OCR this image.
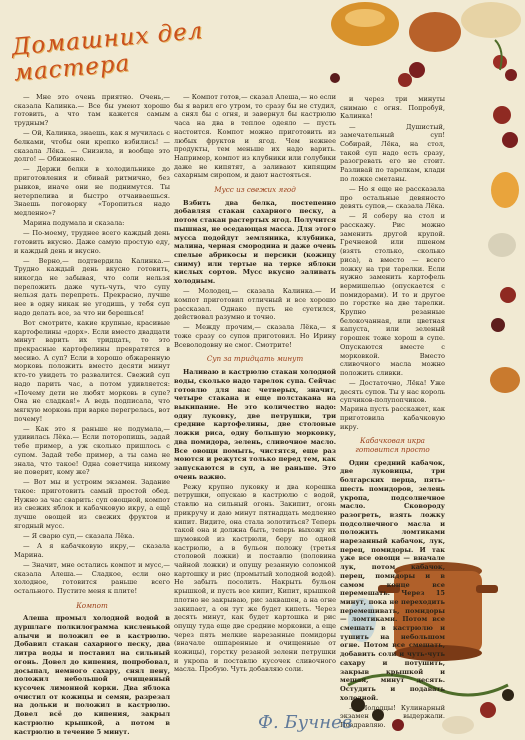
Домашних дел мастера

— Мне это очень приятно. Очень,— сказала Калинка.— Все бы умеют хорошо готовить, а что там кажется самым трудным?

— Ой, Калинка, знаешь, как я мучилась с белками, чтобы они крепко взбились! — сказала Лёка. — Снизила, и вообще это долго! — Обиженно.

— Держи белки в холодильнике до приготовления и сбивай ритмично, без рывков, иначе они не поднимутся. Ты нетерпелива и быстро отчаиваешься. Знаешь поговорку «Торопиться надо медленно»?

Марина подумала и сказала:

— По-моему, труднее всего каждый день готовить вкусно. Даже самую простую еду, и каждый день и вкусно.

— Верно,— подтвердила Калинка.— Трудно каждый день вкусно готовить, никогда не забывая, что соли нельзя переложить даже чуть-чуть, что супу нельзя дать перепреть. Прекрасно, лучше нее в одну никак не угодишь, у тебя суп надо делать все, за что ни берешься!

Вот смотрите, какие крупные, красивые картофелины «дорх». Если вместо двадцати минут варить их тридцать, то это прекрасные картофелины превратятся в месиво. А суп? Если в хорошо обжаренную морковь положить вместо десяти минут кто-то увидеть то развалится. Свежий суп надо парить час, а потом удивляется: «Почему дети не любят морковь в супе? Она не сладкая!» А ведь подписала, что мягкую морковь при варке перегрелась, вот почему!

— Как это я раньше не подумала,— удивилась Лёка.— Если поторопишь, задай тебе пример, а уж сколько пришлось с супом. Задай тебе пример, а ты сама не знала, что такое! Одна советчица никому не поверит, кому же?

— Вот мы и устроим экзамен. Задание такое: приготовить самый простой обед. Нужно за час сварить: суп овощной, компот из свежих яблок и кабачковую икру, а ещё лучше овощей из свежих фруктов и ягодный мусс.

— Я сварю суп,— сказала Лёка.

— А я кабачковую икру,— сказала Марина.

— Значит, мне остались компот и мусс,— сказала Алеша.— Сладкое, если оно холодное, готовится раньше всего остального. Пустите меня к плите!

Компот

Алеша промыл холодной водой в дуршлаге полкилограмма кисленькой алычи и положил ее в кастрюлю. Добавил стакан сахарного песку, два литра воды и поставил на сильный огонь. Довел до кипения, попробовал, досыпал, немного сахару, снял пену, положил небольшой очищенный кусочек лимонной корки. Два яблока очистил от кожицы и семян, разрезал на дольки и положил в кастрюлю. Довел всё до кипения, закрыл кастрюлю крышкой, а потом в кастрюлю в течение 5 минут.

— Компот готов,— сказал Алеша,— но если бы я варил его утром, то сразу бы не студил, а снял бы с огня, и завернул бы кастрюлю часа на два в теплое одеяло — пусть настоится. Компот можно приготовить из любых фруктов и ягод. Чем нежнее продукты, тем меньше их надо варить. Например, компот из клубники или голубики даже не кипятят, а заливают кипящим сахарным сиропом, и дают настояться.

Мусс из свежих ягод

Взбить два белка, постепенно добавляя стакан сахарного песку, а потом стакан растертых ягод. Получится пышная, не оседающая масса. Для этого мусса подойдут земляника, клубника, малина, черная смородина и даже очень спелые абрикосы и персики (кожицу сниму) или тертые на терке яблоки кислых сортов. Мусс вкусно заливать холодным.

— Молодец,— сказала Калинка.— И компот приготовил отличный и все хорошо рассказал. Однако пусть не суетился, действовал разумно и точно.

— Между прочим,— сказала Лёка,— я тоже сразу со супов приготовил. Но Ирину Всеволодовну не смог. Смотрите!

Суп за тридцать минут

Наливаю в кастрюлю стакан холодной воды, сколько надо тарелок супа. Сейчас готовлю для нас четверых, значит, четыре стакана и еще полстакана на выкипание. Не это количество надо: одну луковку, две петрушки, три средние картофелины, две столовые ложки риса, одну большую морковку, два помидора, зелень, сливочное масло. Все овощи помыть, чистятся, еще раз моются и режутся только перед тем, как запускаются в суп, а не раньше. Это очень важно.

Режу крупно луковку и два корешка петрушки, опускаю в кастрюлю с водой, ставлю на сильный огонь. Закипит, огонь прикручу и даю минут пятнадцать медленно кипит. Видите, она стала золотиться? Теперь такой она и должна быть, теперь выхожу их шумовкой из кастрюли, беру по одной кастрюлю, а в бульон положу (третья столовой ложки) и поставлю (половина чайной ложки) и опущу резанную соломкой картошку и рис (промытый холодной водой). Не забыть посолить. Накрыть бульон крышкой, и пусть все кипит, Кипит, крышкой плотно не закрываю, рис заквашен, а на огне закипает, а он тут же будет кипеть. Через десять минут, как будет картошка и рис опущу туда еще две средние морковки, а еще через пять мелкие нарезанные помидоры (вначале ошпаренные и очищенные от кожицы), горстку резаной зелени петрушки и укропа и поставлю кусочек сливочного масла. Пробую. Чуть добавляю соли.

и через три минуты снимаю с огня. Попробуй, Калинка!

— Душистый, замечательный суп! Собирай, Лёка, на стол, такой суп надо есть сразу, разогревать его не стоит. Разливай по тарелкам, клади по ложке сметаны.

— Но я еще не рассказала про остальные девяносто девять супов,— сказала Лёка.

— Я соберу на стол и расскажу. Рис можно заменить другой крупой. Гречневой или пшеном (взять столько, сколько риса), а вместо — всего ложку на три тарелки. Если нужно заменить картофель вермишелью (опускается с помидорами). И то и другое по горстке на две тарелки. Крупно резанные белокочанная, или цветная капуста, или зеленый горошек тоже хорош в супе. Опускаются вместе с морковкой. Вместо сливочного масла можно положить сливки.

— Достаточно, Лёка! Уже десять супов. Ты у нас король супчиков-полупопчиков. Марина пусть расскажет, как приготовила кабачковую икру.

Кабачковая икра готовится просто

Один средний кабачок, две луковицы, три болгарских перца, пять-шесть помидоров, зелень укропа, подсолнечное масло. Сковороду разогреть, взять ложку подсолнечного масла и положить ломтиками нарезанный кабачок, лук, перец, помидоры. И так уже все овощи — вначале лук, потом кабачок, перец, помидоры и в самом конце все перемешать. Через 15 минут, пока не переходить перемешивать, помидоры — ломтиками. Потом все смешать в кастрюлю и тушить на небольшом огне. Потом все смешать, добавить соли и чуть-чуть сахару и потушить, закрыв крышкой и мешая, минут десять. Остудить и подавать холодной.

— Молодцы! Кулинарный экзамен выдержали. Поздравляю.

Ф. Бучнев
